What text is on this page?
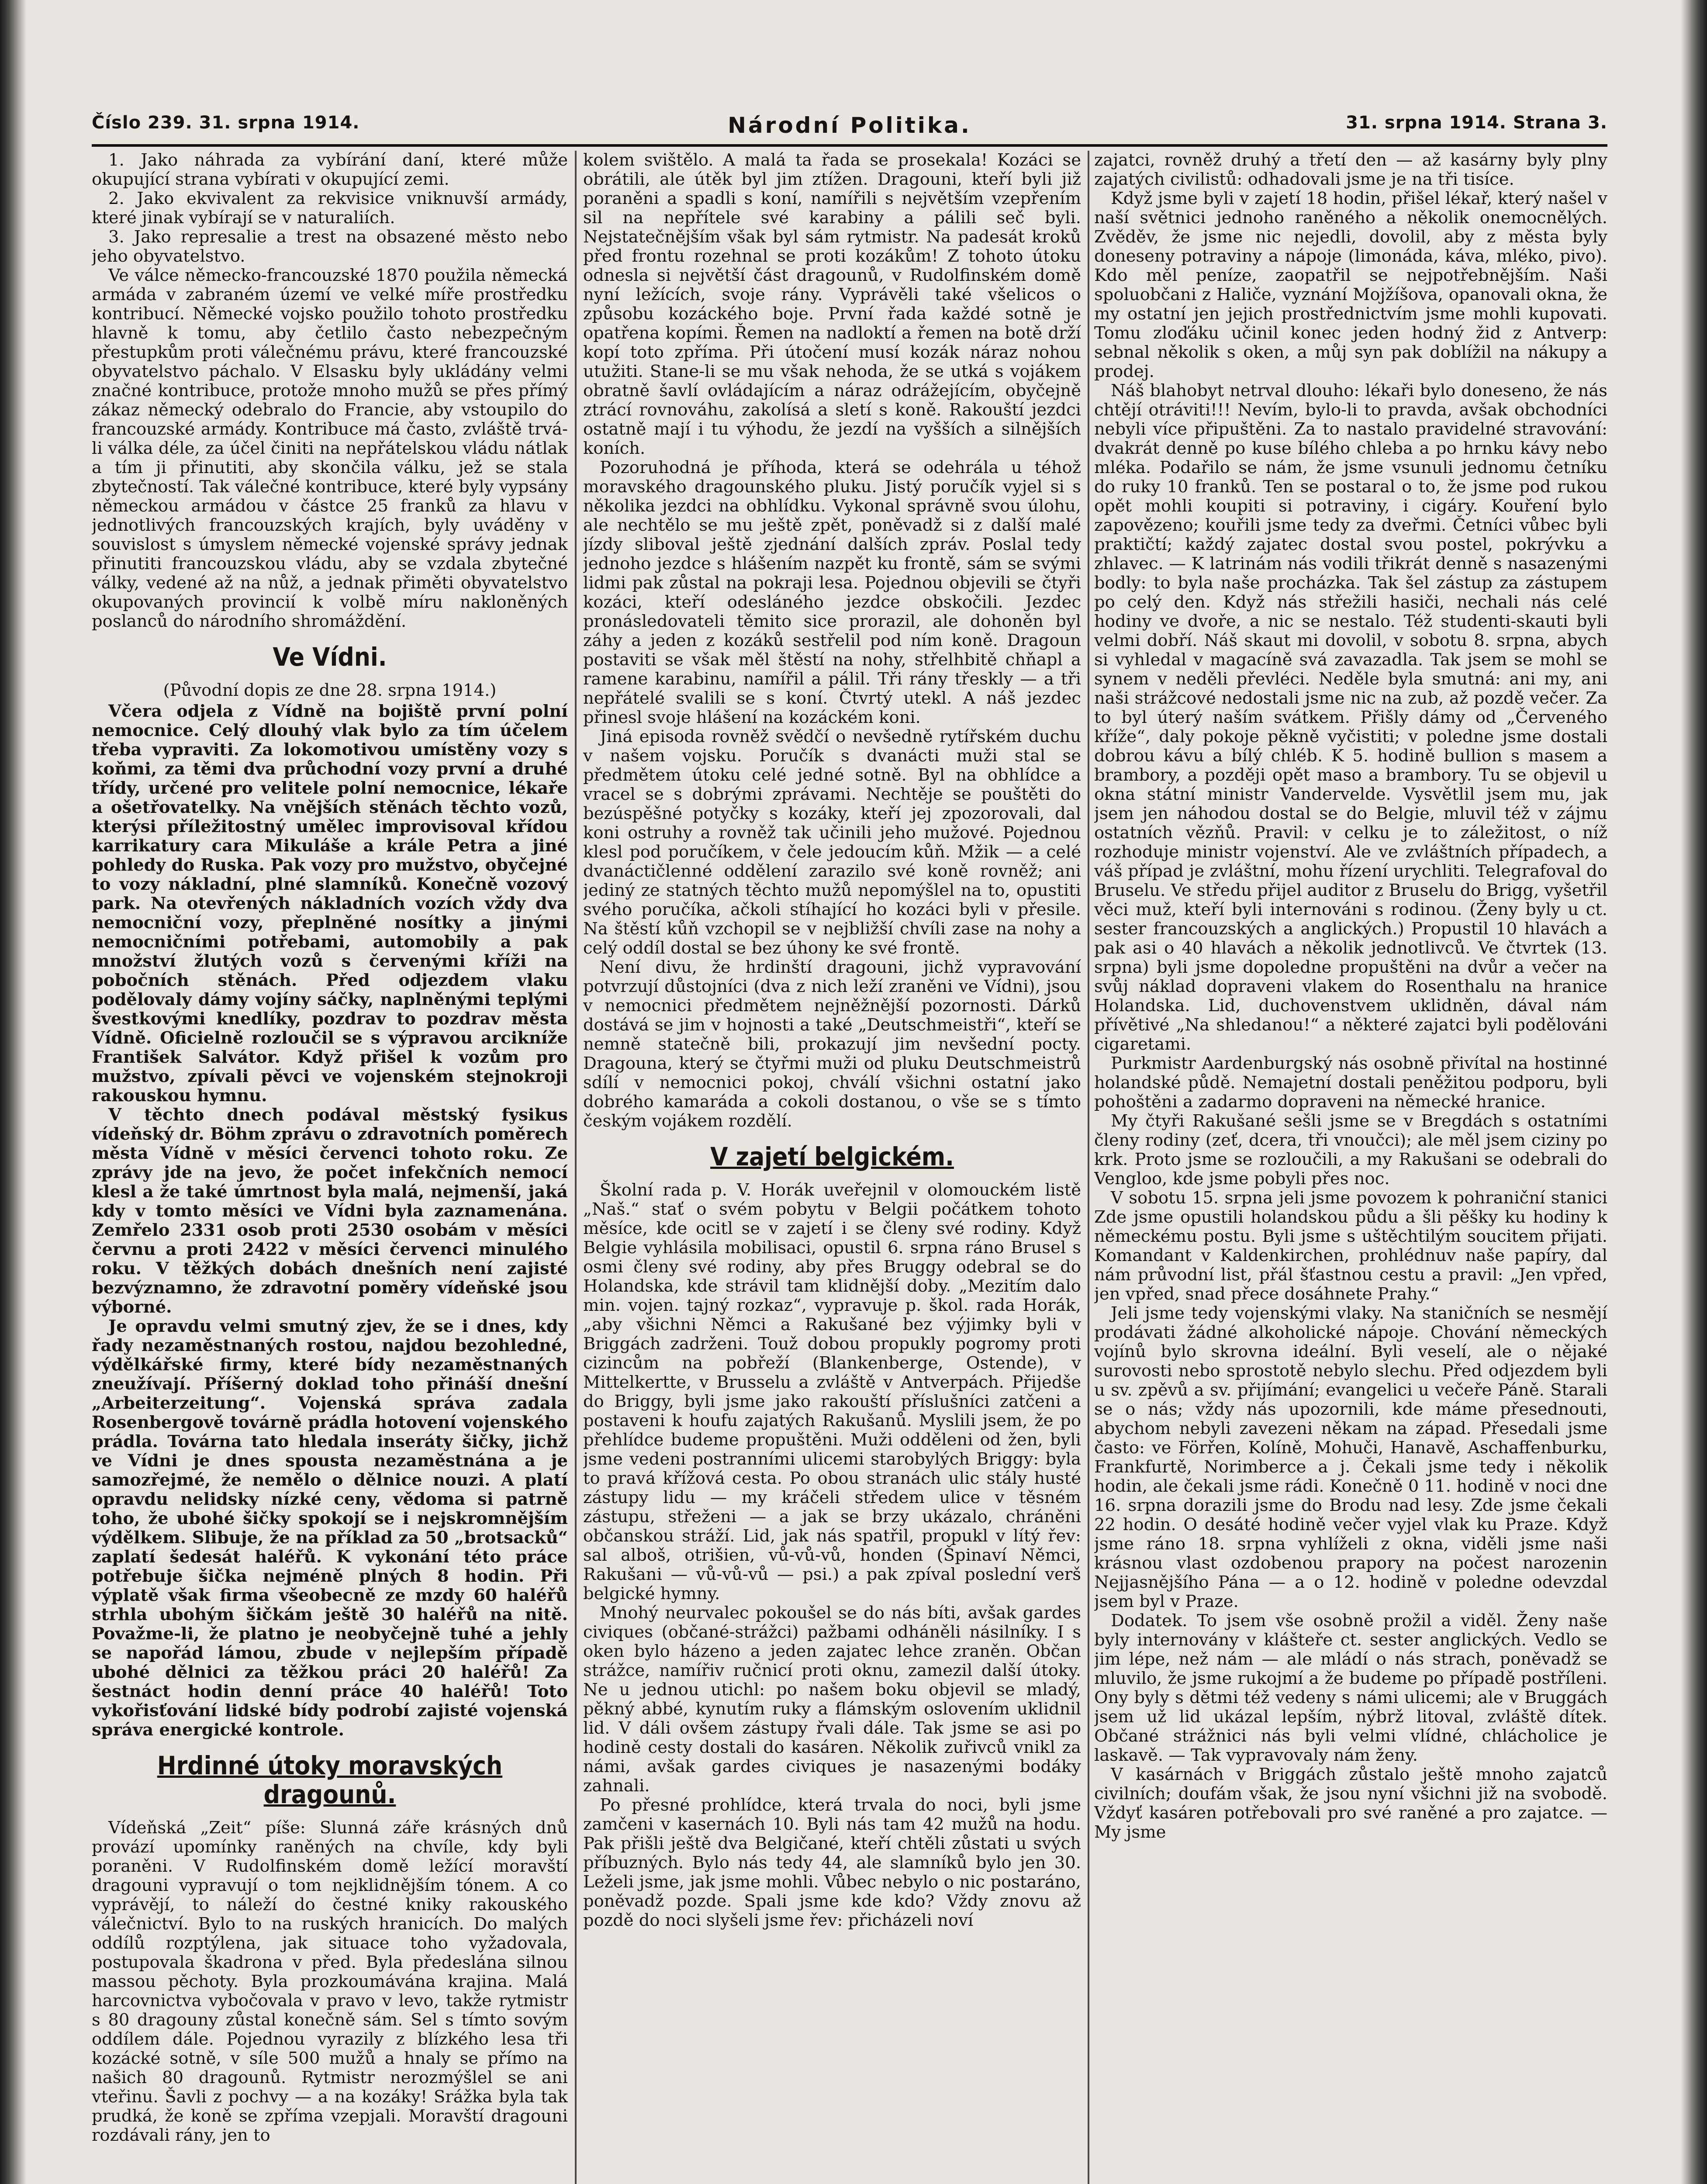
Číslo 239. 31. srpna 1914.	Národní Politika.	31. srpna 1914. Strana 3.

1. Jako náhrada za vybírání daní, které může okupující strana vybírati v okupující zemi.

2. Jako ekvivalent za rekvisice vniknuvší armády, které jinak vybírají se v naturaliích.

3. Jako represalie a trest na obsazené město nebo jeho obyvatelstvo.

Ve válce německo-francouzské 1870 použila německá armáda v zabraném území ve velké míře prostředku kontribucí. Německé vojsko použilo tohoto prostředku hlavně k tomu, aby četlilo často nebezpečným přestupkům proti válečnému právu, které francouzské obyvatelstvo páchalo. V Elsasku byly ukládány velmi značné kontribuce, protože mnoho mužů se přes přímý zákaz německý odebralo do Francie, aby vstoupilo do francouzské armády. Kontribuce má často, zvláště trvá-li válka déle, za účel činiti na nepřátelskou vládu nátlak a tím ji přinutiti, aby skončila válku, jež se stala zbytečností. Tak válečné kontribuce, které byly vypsány německou armádou v částce 25 franků za hlavu v jednotlivých francouzských krajích, byly uváděny v souvislost s úmyslem německé vojenské správy jednak přinutiti francouzskou vládu, aby se vzdala zbytečné války, vedené až na nůž, a jednak přiměti obyvatelstvo okupovaných provincií k volbě míru nakloněných poslanců do národního shromáždění.

Ve Vídni.
(Původní dopis ze dne 28. srpna 1914.)

Včera odjela z Vídně na bojiště první polní nemocnice. Celý dlouhý vlak bylo za tím účelem třeba vypraviti. Za lokomotivou umístěny vozy s koňmi, za těmi dva průchodní vozy první a druhé třídy, určené pro velitele polní nemocnice, lékaře a ošetřovatelky. Na vnějších stěnách těchto vozů, kterýsi příležitostný umělec improvisoval křídou karrikatury cara Mikuláše a krále Petra a jiné pohledy do Ruska. Pak vozy pro mužstvo, obyčejné to vozy nákladní, plné slamníků. Konečně vozový park. Na otevřených nákladních vozích vždy dva nemocniční vozy, přeplněné nosítky a jinými nemocničními potřebami, automobily a pak množství žlutých vozů s červenými kříži na pobočních stěnách. Před odjezdem vlaku podělovaly dámy vojíny sáčky, naplněnými teplými švestkovými knedlíky, pozdrav to pozdrav města Vídně. Oficielně rozloučil se s výpravou arcikníže František Salvátor. Když přišel k vozům pro mužstvo, zpívali pěvci ve vojenském stejnokroji rakouskou hymnu.

V těchto dnech podával městský fysikus vídeňský dr. Böhm zprávu o zdravotních poměrech města Vídně v měsíci červenci tohoto roku. Ze zprávy jde na jevo, že počet infekčních nemocí klesl a že také úmrtnost byla malá, nejmenší, jaká kdy v tomto měsíci ve Vídni byla zaznamenána. Zemřelo 2331 osob proti 2530 osobám v měsíci červnu a proti 2422 v měsíci červenci minulého roku. V těžkých dobách dnešních není zajisté bezvýznamno, že zdravotní poměry vídeňské jsou výborné.

Je opravdu velmi smutný zjev, že se i dnes, kdy řady nezaměstnaných rostou, najdou bezohledné, výdělkářské firmy, které bídy nezaměstnaných zneužívají. Příšerný doklad toho přináší dnešní „Arbeiterzeitung“. Vojenská správa zadala Rosenbergově továrně prádla hotovení vojenského prádla. Továrna tato hledala inseráty šičky, jichž ve Vídni je dnes spousta nezaměstnána a je samozřejmé, že nemělo o dělnice nouzi. A platí opravdu nelidsky nízké ceny, vědoma si patrně toho, že ubohé šičky spokojí se i nejskromnějším výdělkem. Slibuje, že na příklad za 50 „brotsacků“ zaplatí šedesát haléřů. K vykonání této práce potřebuje šička nejméně plných 8 hodin. Při výplatě však firma všeobecně ze mzdy 60 haléřů strhla ubohým šičkám ještě 30 haléřů na nitě. Považme-li, že platno je neobyčejně tuhé a jehly se napořád lámou, zbude v nejlepším případě ubohé dělnici za těžkou práci 20 haléřů! Za šestnáct hodin denní práce 40 haléřů! Toto vykořisťování lidské bídy podrobí zajisté vojenská správa energické kontrole.

Hrdinné útoky moravských dragounů.

Vídeňská „Zeit“ píše: Slunná záře krásných dnů provází upomínky raněných na chvíle, kdy byli poraněni. V Rudolfinském domě ležící moravští dragouni vypravují o tom nejklidnějším tónem. A co vyprávějí, to náleží do čestné kniky rakouského válečnictví. Bylo to na ruských hranicích. Do malých oddílů rozptýlena, jak situace toho vyžadovala, postupovala škadrona v před. Byla předeslána silnou massou pěchoty. Byla prozkoumávána krajina. Malá harcovnictva vybočovala v pravo v levo, takže rytmistr s 80 dragouny zůstal konečně sám. Sel s tímto sovým oddílem dále. Pojednou vyrazily z blízkého lesa tři kozácké sotně, v síle 500 mužů a hnaly se přímo na našich 80 dragounů. Rytmistr nerozmýšlel se ani vteřinu. Šavli z pochvy — a na kozáky! Srážka byla tak prudká, že koně se zpříma vzepjali. Moravští dragouni rozdávali rány, jen to

kolem svištělo. A malá ta řada se prosekala! Kozáci se obrátili, ale útěk byl jim ztížen. Dragouni, kteří byli již poraněni a spadli s koní, namířili s největším vzepřením sil na nepřítele své karabiny a pálili seč byli. Nejstatečnějším však byl sám rytmistr. Na padesát kroků před frontu rozehnal se proti kozákům! Z tohoto útoku odnesla si největší část dragounů, v Rudolfinském domě nyní ležících, svoje rány. Vyprávěli také všelicos o způsobu kozáckého boje. První řada každé sotně je opatřena kopími. Řemen na nadloktí a řemen na botě drží kopí toto zpříma. Při útočení musí kozák náraz nohou utužiti. Stane-li se mu však nehoda, že se utká s vojákem obratně šavlí ovládajícím a náraz odrážejícím, obyčejně ztrácí rovnováhu, zakolísá a sletí s koně. Rakouští jezdci ostatně mají i tu výhodu, že jezdí na vyšších a silnějších koních.

Pozoruhodná je příhoda, která se odehrála u téhož moravského dragounského pluku. Jistý poručík vyjel si s několika jezdci na obhlídku. Vykonal správně svou úlohu, ale nechtělo se mu ještě zpět, poněvadž si z další malé jízdy sliboval ještě zjednání dalších zpráv. Poslal tedy jednoho jezdce s hlášením nazpět ku frontě, sám se svými lidmi pak zůstal na pokraji lesa. Pojednou objevili se čtyři kozáci, kteří odesláného jezdce obskočili. Jezdec pronásledovateli těmito sice prorazil, ale dohoněn byl záhy a jeden z kozáků sestřelil pod ním koně. Dragoun postaviti se však měl štěstí na nohy, střelhbitě chňapl a ramene karabinu, namířil a pálil. Tři rány třeskly — a tři nepřátelé svalili se s koní. Čtvrtý utekl. A náš jezdec přinesl svoje hlášení na kozáckém koni.

Jiná episoda rovněž svědčí o nevšedně rytířském duchu v našem vojsku. Poručík s dvanácti muži stal se předmětem útoku celé jedné sotně. Byl na obhlídce a vracel se s dobrými zprávami. Nechtěje se pouštěti do bezúspěšné potyčky s kozáky, kteří jej zpozorovali, dal koni ostruhy a rovněž tak učinili jeho mužové. Pojednou klesl pod poručíkem, v čele jedoucím kůň. Mžik — a celé dvanáctičlenné oddělení zarazilo své koně rovněž; ani jediný ze statných těchto mužů nepomýšlel na to, opustiti svého poručíka, ačkoli stíhající ho kozáci byli v přesile. Na štěstí kůň vzchopil se v nejbližší chvíli zase na nohy a celý oddíl dostal se bez úhony ke své frontě.

Není divu, že hrdinští dragouni, jichž vypravování potvrzují důstojníci (dva z nich leží zraněni ve Vídni), jsou v nemocnici předmětem nejněžnější pozornosti. Dárků dostává se jim v hojnosti a také „Deutschmeistři“, kteří se nemně statečně bili, prokazují jim nevšední pocty. Dragouna, který se čtyřmi muži od pluku Deutschmeistrů sdílí v nemocnici pokoj, chválí všichni ostatní jako dobrého kamaráda a cokoli dostanou, o vše se s tímto českým vojákem rozdělí.

V zajetí belgickém.

Školní rada p. V. Horák uveřejnil v olomouckém listě „Naš.“ stať o svém pobytu v Belgii počátkem tohoto měsíce, kde ocitl se v zajetí i se členy své rodiny. Když Belgie vyhlásila mobilisaci, opustil 6. srpna ráno Brusel s osmi členy své rodiny, aby přes Bruggy odebral se do Holandska, kde strávil tam klidnější doby. „Mezitím dalo min. vojen. tajný rozkaz“, vypravuje p. škol. rada Horák, „aby všichni Němci a Rakušané bez výjimky byli v Briggách zadrženi. Touž dobou propukly pogromy proti cizincům na pobřeží (Blankenberge, Ostende), v Mittelkertte, v Brusselu a zvláště v Antverpách. Přijedše do Briggy, byli jsme jako rakouští příslušníci zatčeni a postaveni k houfu zajatých Rakušanů. Myslili jsem, že po přehlídce budeme propuštěni. Muži odděleni od žen, byli jsme vedeni postranními ulicemi starobylých Briggy: byla to pravá křížová cesta. Po obou stranách ulic stály husté zástupy lidu — my kráčeli středem ulice v těsném zástupu, střeženi — a jak se brzy ukázalo, chráněni občanskou stráží. Lid, jak nás spatřil, propukl v lítý řev: sal alboš, otrišien, vů-vů-vů, honden (Špinaví Němci, Rakušani — vů-vů-vů — psi.) a pak zpíval poslední verš belgické hymny.

Mnohý neurvalec pokoušel se do nás bíti, avšak gardes civiques (občané-strážci) pažbami odháněli násilníky. I s oken bylo házeno a jeden zajatec lehce zraněn. Občan strážce, namířiv ručnicí proti oknu, zamezil další útoky. Ne u jednou utichl: po našem boku objevil se mladý, pěkný abbé, kynutím ruky a flámským oslovením uklidnil lid. V dáli ovšem zástupy řvali dále. Tak jsme se asi po hodině cesty dostali do kasáren. Několik zuřivců vnikl za námi, avšak gardes civiques je nasazenými bodáky zahnali.

Po přesné prohlídce, která trvala do noci, byli jsme zamčeni v kasernách 10. Byli nás tam 42 mužů na hodu. Pak přišli ještě dva Belgičané, kteří chtěli zůstati u svých příbuzných. Bylo nás tedy 44, ale slamníků bylo jen 30. Leželi jsme, jak jsme mohli. Vůbec nebylo o nic postaráno, poněvadž pozde. Spali jsme kde kdo? Vždy znovu až pozdě do noci slyšeli jsme řev: přicházeli noví

zajatci, rovněž druhý a třetí den — až kasárny byly plny zajatých civilistů: odhadovali jsme je na tři tisíce.

Když jsme byli v zajetí 18 hodin, přišel lékař, který našel v naší světnici jednoho raněného a několik onemocnělých. Zvěděv, že jsme nic nejedli, dovolil, aby z města byly doneseny potraviny a nápoje (limonáda, káva, mléko, pivo). Kdo měl peníze, zaopatřil se nejpotřebnějším. Naši spoluobčani z Haliče, vyznání Mojžíšova, opanovali okna, že my ostatní jen jejich prostřednictvím jsme mohli kupovati. Tomu zloďáku učinil konec jeden hodný žid z Antverp: sebnal několik s oken, a můj syn pak doblížil na nákupy a prodej.

Náš blahobyt netrval dlouho: lékaři bylo doneseno, že nás chtějí otráviti!!! Nevím, bylo-li to pravda, avšak obchodníci nebyli více připuštěni. Za to nastalo pravidelné stravování: dvakrát denně po kuse bílého chleba a po hrnku kávy nebo mléka. Podařilo se nám, že jsme vsunuli jednomu četníku do ruky 10 franků. Ten se postaral o to, že jsme pod rukou opět mohli koupiti si potraviny, i cigáry. Kouření bylo zapovězeno; kouřili jsme tedy za dveřmi. Četníci vůbec byli praktičtí; každý zajatec dostal svou postel, pokrývku a zhlavec. — K latrinám nás vodili třikrát denně s nasazenými bodly: to byla naše procházka. Tak šel zástup za zástupem po celý den. Když nás střežili hasiči, nechali nás celé hodiny ve dvoře, a nic se nestalo. Též studenti-skauti byli velmi dobří. Náš skaut mi dovolil, v sobotu 8. srpna, abych si vyhledal v magacíně svá zavazadla. Tak jsem se mohl se synem v neděli převléci. Neděle byla smutná: ani my, ani naši strážcové nedostali jsme nic na zub, až pozdě večer. Za to byl úterý naším svátkem. Přišly dámy od „Červeného kříže“, daly pokoje pěkně vyčistiti; v poledne jsme dostali dobrou kávu a bílý chléb. K 5. hodině bullion s masem a brambory, a později opět maso a brambory. Tu se objevil u okna státní ministr Vandervelde. Vysvětlil jsem mu, jak jsem jen náhodou dostal se do Belgie, mluvil též v zájmu ostatních vězňů. Pravil: v celku je to záležitost, o níž rozhoduje ministr vojenství. Ale ve zvláštních případech, a váš případ je zvláštní, mohu řízení urychliti. Telegrafoval do Bruselu. Ve středu přijel auditor z Bruselu do Brigg, vyšetřil věci muž, kteří byli internováni s rodinou. (Ženy byly u ct. sester francouzských a anglických.) Propustil 10 hlavách a pak asi o 40 hlavách a několik jednotlivců. Ve čtvrtek (13. srpna) byli jsme dopoledne propuštěni na dvůr a večer na svůj náklad dopraveni vlakem do Rosenthalu na hranice Holandska. Lid, duchovenstvem uklidněn, dával nám přívětivé „Na shledanou!“ a některé zajatci byli podělováni cigaretami.

Purkmistr Aardenburgský nás osobně přivítal na hostinné holandské půdě. Nemajetní dostali peněžitou podporu, byli pohoštěni a zadarmo dopraveni na německé hranice.

My čtyři Rakušané sešli jsme se v Bregdách s ostatními členy rodiny (zeť, dcera, tři vnoučci); ale měl jsem ciziny po krk. Proto jsme se rozloučili, a my Rakušani se odebrali do Vengloo, kde jsme pobyli přes noc.

V sobotu 15. srpna jeli jsme povozem k pohraniční stanici Zde jsme opustili holandskou půdu a šli pěšky ku hodiny k německému postu. Byli jsme s uštěchtilým soucitem přijati. Komandant v Kaldenkirchen, prohlédnuv naše papíry, dal nám průvodní list, přál šťastnou cestu a pravil: „Jen vpřed, jen vpřed, snad přece dosáhnete Prahy.“

Jeli jsme tedy vojenskými vlaky. Na staničních se nesmějí prodávati žádné alkoholické nápoje. Chování německých vojínů bylo skrovna ideální. Byli veselí, ale o nějaké surovosti nebo sprostotě nebylo slechu. Před odjezdem byli u sv. zpěvů a sv. přijímání; evangelici u večeře Páně. Starali se o nás; vždy nás upozornili, kde máme přesednouti, abychom nebyli zavezeni někam na západ. Přesedali jsme často: ve Förřen, Kolíně, Mohuči, Hanavě, Aschaffenburku, Frankfurtě, Norimberce a j. Čekali jsme tedy i několik hodin, ale čekali jsme rádi. Konečně 0 11. hodině v noci dne 16. srpna dorazili jsme do Brodu nad lesy. Zde jsme čekali 22 hodin. O desáté hodině večer vyjel vlak ku Praze. Když jsme ráno 18. srpna vyhlíželi z okna, viděli jsme naši krásnou vlast ozdobenou prapory na počest narozenin Nejjasnějšího Pána — a o 12. hodině v poledne odevzdal jsem byl v Praze.

Dodatek. To jsem vše osobně prožil a viděl. Ženy naše byly internovány v klášteře ct. sester anglických. Vedlo se jim lépe, než nám — ale mládí o nás strach, poněvadž se mluvilo, že jsme rukojmí a že budeme po případě postříleni. Ony byly s dětmi též vedeny s námi ulicemi; ale v Bruggách jsem už lid ukázal lepším, nýbrž litoval, zvláště dítek. Občané strážnici nás byli velmi vlídné, chlácholice je laskavě. — Tak vypravovaly nám ženy.

V kasárnách v Briggách zůstalo ještě mnoho zajatců civilních; doufám však, že jsou nyní všichni již na svobodě. Vždyť kasáren potřebovali pro své raněné a pro zajatce. — My jsme
